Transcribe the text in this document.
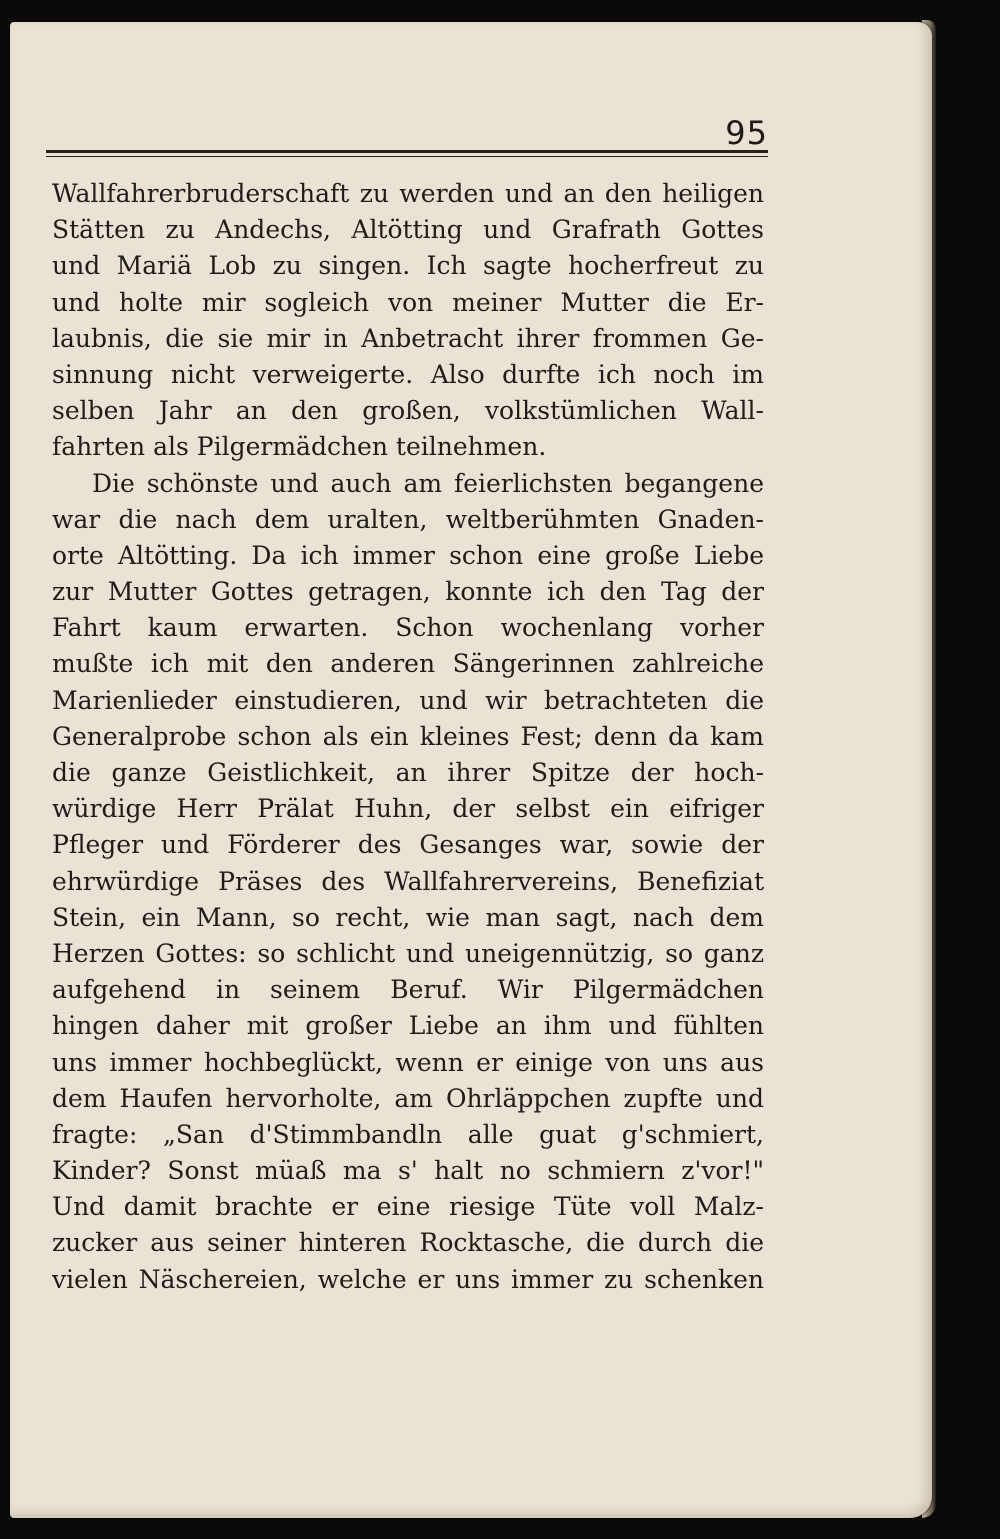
95
Wallfahrerbruderschaft zu werden und an den heiligen
Stätten zu Andechs, Altötting und Grafrath Gottes
und Mariä Lob zu singen. Ich sagte hocherfreut zu
und holte mir sogleich von meiner Mutter die Er-
laubnis, die sie mir in Anbetracht ihrer frommen Ge-
sinnung nicht verweigerte. Also durfte ich noch im
selben Jahr an den großen, volkstümlichen Wall-
fahrten als Pilgermädchen teilnehmen.
Die schönste und auch am feierlichsten begangene
war die nach dem uralten, weltberühmten Gnaden-
orte Altötting. Da ich immer schon eine große Liebe
zur Mutter Gottes getragen, konnte ich den Tag der
Fahrt kaum erwarten. Schon wochenlang vorher
mußte ich mit den anderen Sängerinnen zahlreiche
Marienlieder einstudieren, und wir betrachteten die
Generalprobe schon als ein kleines Fest; denn da kam
die ganze Geistlichkeit, an ihrer Spitze der hoch-
würdige Herr Prälat Huhn, der selbst ein eifriger
Pfleger und Förderer des Gesanges war, sowie der
ehrwürdige Präses des Wallfahrervereins, Benefiziat
Stein, ein Mann, so recht, wie man sagt, nach dem
Herzen Gottes: so schlicht und uneigennützig, so ganz
aufgehend in seinem Beruf. Wir Pilgermädchen
hingen daher mit großer Liebe an ihm und fühlten
uns immer hochbeglückt, wenn er einige von uns aus
dem Haufen hervorholte, am Ohrläppchen zupfte und
fragte: „San d'Stimmbandln alle guat g'schmiert,
Kinder? Sonst müaß ma s' halt no schmiern z'vor!"
Und damit brachte er eine riesige Tüte voll Malz-
zucker aus seiner hinteren Rocktasche, die durch die
vielen Näschereien, welche er uns immer zu schenken
